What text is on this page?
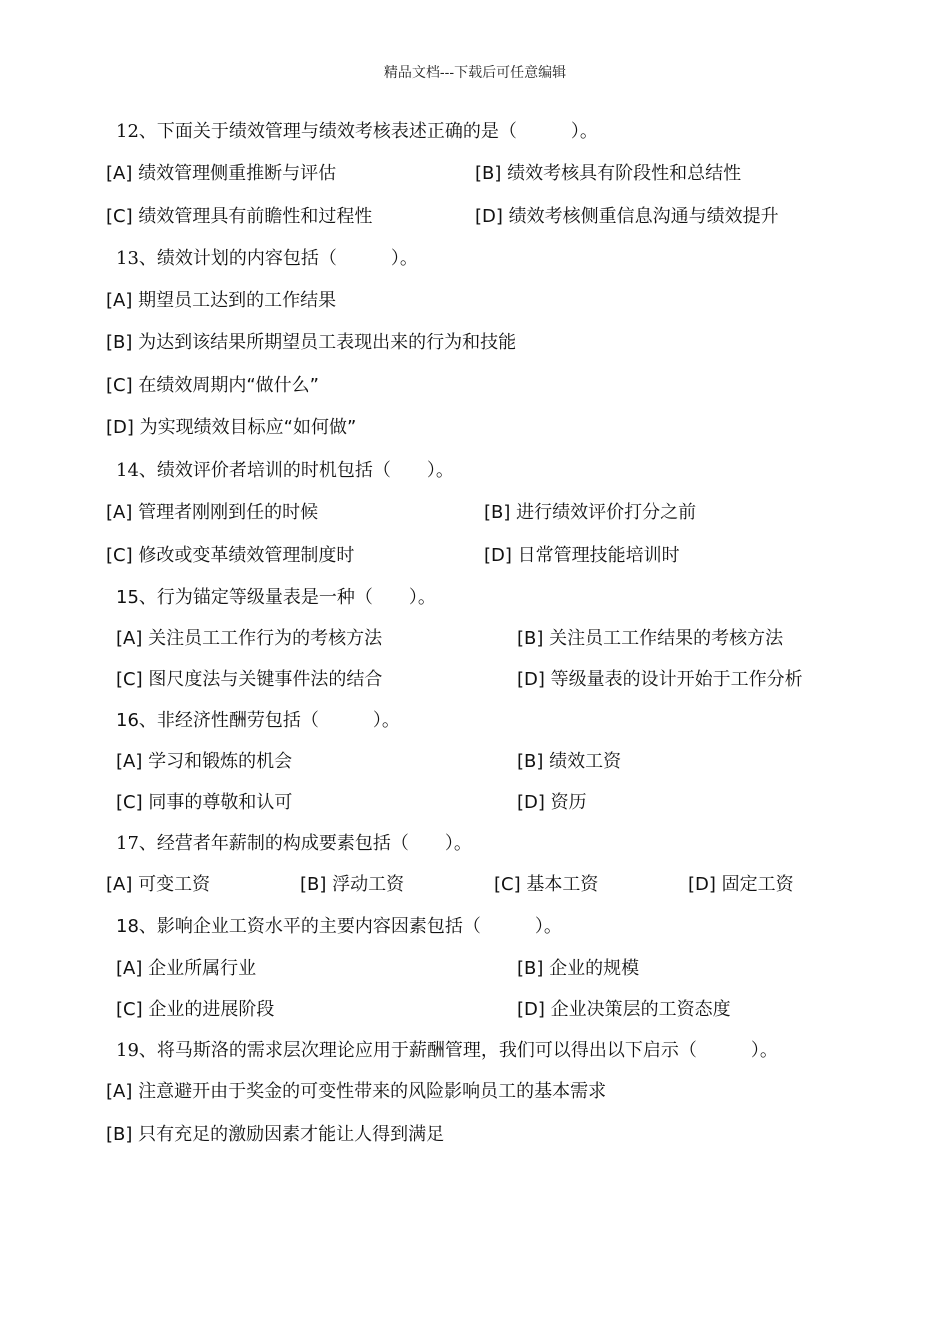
精品文档---下载后可任意编辑
12、下面关于绩效管理与绩效考核表述正确的是（　　　）。
[A] 绩效管理侧重推断与评估	[B] 绩效考核具有阶段性和总结性
[C] 绩效管理具有前瞻性和过程性	[D] 绩效考核侧重信息沟通与绩效提升
13、绩效计划的内容包括（　　　）。
[A] 期望员工达到的工作结果
[B] 为达到该结果所期望员工表现出来的行为和技能
[C] 在绩效周期内“做什么”
[D] 为实现绩效目标应“如何做”
14、绩效评价者培训的时机包括（　　）。
[A] 管理者刚刚到任的时候	[B] 进行绩效评价打分之前
[C] 修改或变革绩效管理制度时	[D] 日常管理技能培训时
15、行为锚定等级量表是一种（　　）。
[A] 关注员工工作行为的考核方法	[B] 关注员工工作结果的考核方法
[C] 图尺度法与关键事件法的结合	[D] 等级量表的设计开始于工作分析
16、非经济性酬劳包括（　　　）。
[A] 学习和锻炼的机会	[B] 绩效工资
[C] 同事的尊敬和认可	[D] 资历
17、经营者年薪制的构成要素包括（　　）。
[A] 可变工资	[B] 浮动工资	[C] 基本工资	[D] 固定工资
18、影响企业工资水平的主要内容因素包括（　　　）。
[A] 企业所属行业	[B] 企业的规模
[C] 企业的进展阶段	[D] 企业决策层的工资态度
19、将马斯洛的需求层次理论应用于薪酬管理，我们可以得出以下启示（　　　）。
[A] 注意避开由于奖金的可变性带来的风险影响员工的基本需求
[B] 只有充足的激励因素才能让人得到满足
